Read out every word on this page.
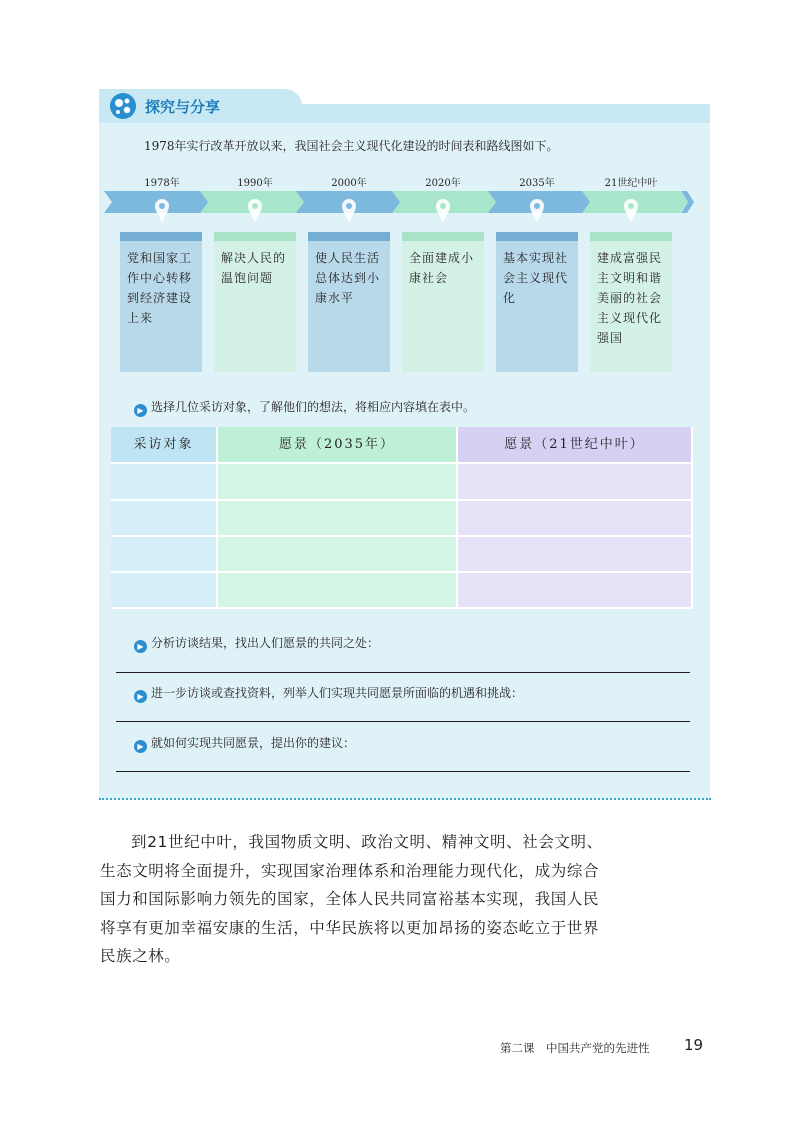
探究与分享
1978年实行改革开放以来，我国社会主义现代化建设的时间表和路线图如下。
1978年	1990年	2000年	2020年	2035年	21世纪中叶
党和国家工作中心转移到经济建设上来
解决人民的温饱问题
使人民生活总体达到小康水平
全面建成小康社会
基本实现社会主义现代化
建成富强民主文明和谐美丽的社会主义现代化强国
▶ 选择几位采访对象，了解他们的想法，将相应内容填在表中。
采访对象	愿景（2035年）	愿景（21世纪中叶）
▶ 分析访谈结果，找出人们愿景的共同之处：
▶ 进一步访谈或查找资料，列举人们实现共同愿景所面临的机遇和挑战：
▶ 就如何实现共同愿景，提出你的建议：
到21世纪中叶，我国物质文明、政治文明、精神文明、社会文明、生态文明将全面提升，实现国家治理体系和治理能力现代化，成为综合国力和国际影响力领先的国家，全体人民共同富裕基本实现，我国人民将享有更加幸福安康的生活，中华民族将以更加昂扬的姿态屹立于世界民族之林。
第二课　中国共产党的先进性 19
